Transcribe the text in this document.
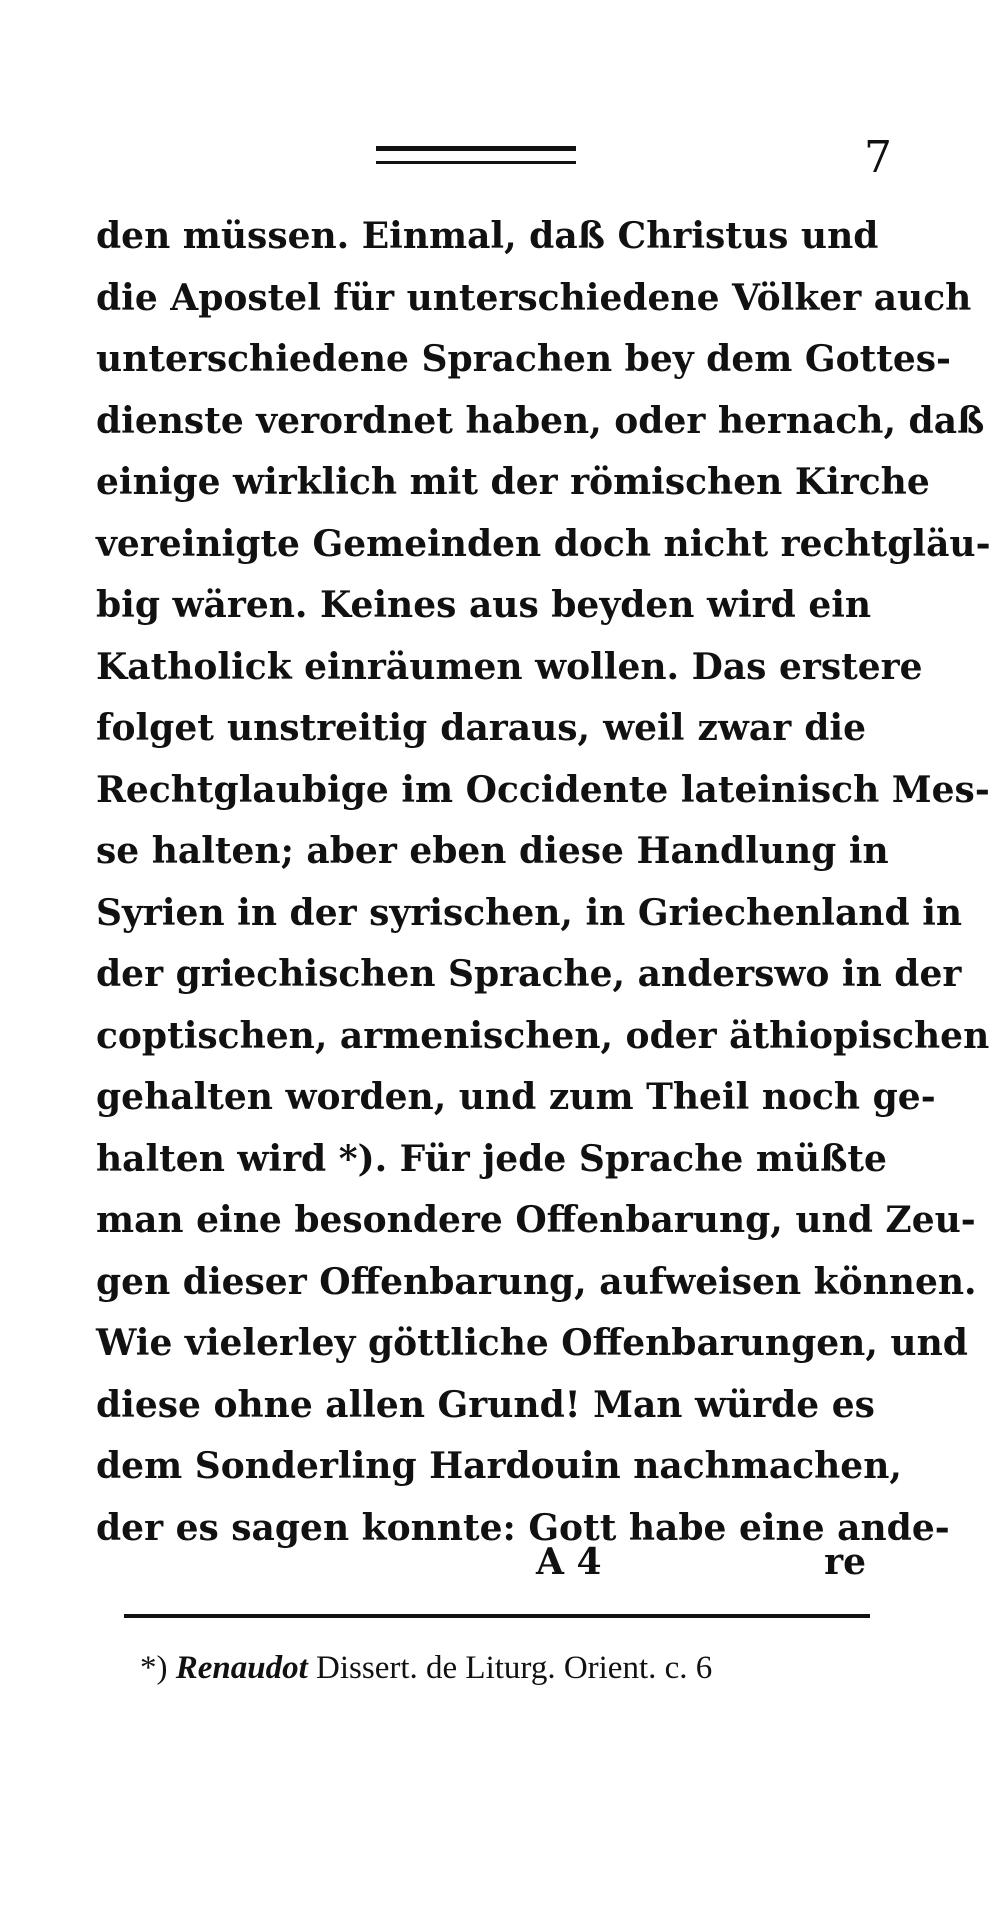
7
den müssen. Einmal, daß Christus und
die Apostel für unterschiedene Völker auch
unterschiedene Sprachen bey dem Gottes-
dienste verordnet haben, oder hernach, daß
einige wirklich mit der römischen Kirche
vereinigte Gemeinden doch nicht rechtgläu-
big wären. Keines aus beyden wird ein
Katholick einräumen wollen. Das erstere
folget unstreitig daraus, weil zwar die
Rechtglaubige im Occidente lateinisch Mes-
se halten; aber eben diese Handlung in
Syrien in der syrischen, in Griechenland in
der griechischen Sprache, anderswo in der
coptischen, armenischen, oder äthiopischen
gehalten worden, und zum Theil noch ge-
halten wird *). Für jede Sprache müßte
man eine besondere Offenbarung, und Zeu-
gen dieser Offenbarung, aufweisen können.
Wie vielerley göttliche Offenbarungen, und
diese ohne allen Grund! Man würde es
dem Sonderling Hardouin nachmachen,
der es sagen konnte: Gott habe eine ande-
A 4	re
*) Renaudot Dissert. de Liturg. Orient. c. 6
